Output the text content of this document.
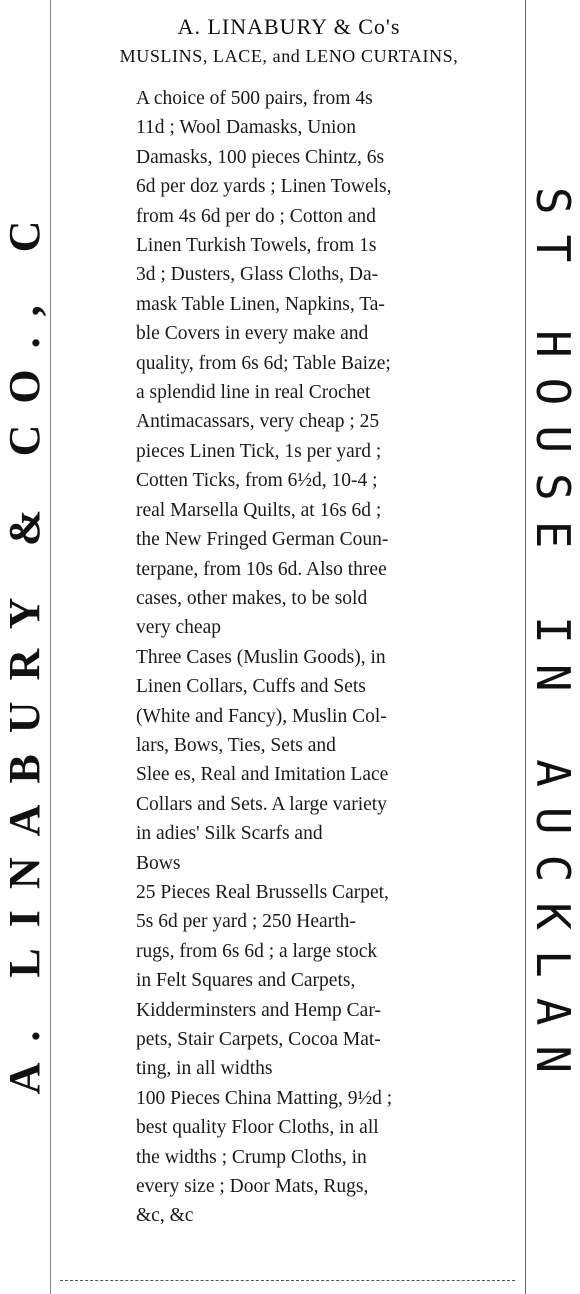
A. LINABURY & CO., C
A. LINABURY & Co's
MUSLINS, LACE, and LENO CURTAINS,

A choice of 500 pairs, from 4s
11d ; Wool Damasks, Union
Damasks, 100 pieces Chintz, 6s
6d per doz yards ; Linen Towels,
from 4s 6d per do ; Cotton and
Linen Turkish Towels, from 1s
3d ; Dusters, Glass Cloths, Da-
mask Table Linen, Napkins, Ta-
ble Covers in every make and
quality, from 6s 6d; Table Baize;
a splendid line in real Crochet
Antimacassars, very cheap ; 25
pieces Linen Tick, 1s per yard ;
Cotten Ticks, from 6½d, 10-4 ;
real Marsella Quilts, at 16s 6d ;
the New Fringed German Coun-
terpane, from 10s 6d. Also three
cases, other makes, to be sold
very cheap

Three Cases (Muslin Goods), in
Linen Collars, Cuffs and Sets
(White and Fancy), Muslin Col-
lars, Bows, Ties, Sets and
Slee es, Real and Imitation Lace
Collars and Sets. A large variety
in adies' Silk Scarfs and
Bows

25 Pieces Real Brussells Carpet,
5s 6d per yard ; 250 Hearth-
rugs, from 6s 6d ; a large stock
in Felt Squares and Carpets,
Kidderminsters and Hemp Car-
pets, Stair Carpets, Cocoa Mat-
ting, in all widths

100 Pieces China Matting, 9½d ;
best quality Floor Cloths, in all
the widths ; Crump Cloths, in
every size ; Door Mats, Rugs,
&c, &c

ST HOUSE IN AUCKLAN
